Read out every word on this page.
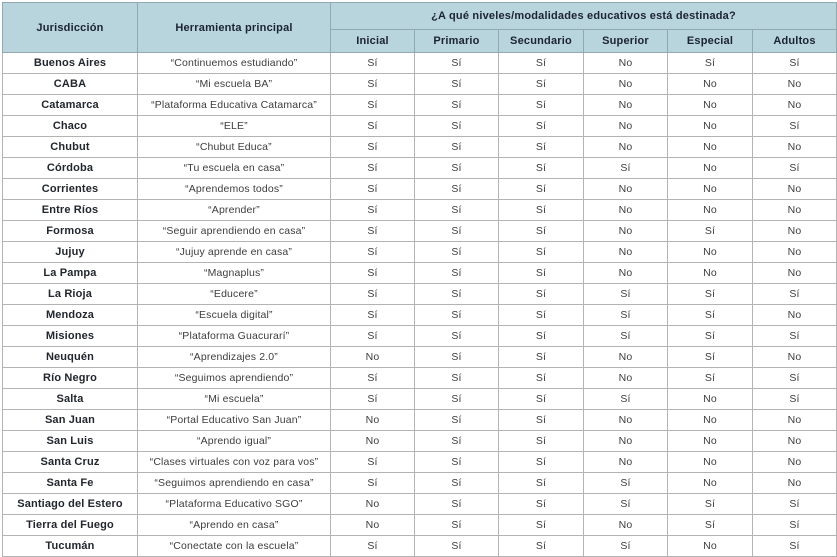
Jurisdicción	Herramienta principal	¿A qué niveles/modalidades educativos está destinada?					
		Inicial	Primario	Secundario	Superior	Especial	Adultos
Buenos Aires	“Continuemos estudiando”	Sí	Sí	Sí	No	Sí	Sí
CABA	“Mi escuela BA”	Sí	Sí	Sí	No	No	No
Catamarca	“Plataforma Educativa Catamarca”	Sí	Sí	Sí	No	No	No
Chaco	“ELE”	Sí	Sí	Sí	No	No	Sí
Chubut	“Chubut Educa”	Sí	Sí	Sí	No	No	No
Córdoba	“Tu escuela en casa”	Sí	Sí	Sí	Sí	No	Sí
Corrientes	“Aprendemos todos”	Sí	Sí	Sí	No	No	No
Entre Ríos	“Aprender”	Sí	Sí	Sí	No	No	No
Formosa	“Seguir aprendiendo en casa”	Sí	Sí	Sí	No	Sí	No
Jujuy	“Jujuy aprende en casa”	Sí	Sí	Sí	No	No	No
La Pampa	“Magnaplus”	Sí	Sí	Sí	No	No	No
La Rioja	“Educere”	Sí	Sí	Sí	Sí	Sí	Sí
Mendoza	“Escuela digital”	Sí	Sí	Sí	Sí	Sí	No
Misiones	“Plataforma Guacurarí”	Sí	Sí	Sí	Sí	Sí	Sí
Neuquén	“Aprendizajes 2.0”	No	Sí	Sí	No	Sí	No
Río Negro	“Seguimos aprendiendo”	Sí	Sí	Sí	No	Sí	Sí
Salta	“Mi escuela”	Sí	Sí	Sí	Sí	No	Sí
San Juan	“Portal Educativo San Juan”	No	Sí	Sí	No	No	No
San Luis	“Aprendo igual”	No	Sí	Sí	No	No	No
Santa Cruz	“Clases virtuales con voz para vos”	Sí	Sí	Sí	No	No	No
Santa Fe	“Seguimos aprendiendo en casa”	Sí	Sí	Sí	Sí	No	No
Santiago del Estero	“Plataforma Educativo SGO”	No	Sí	Sí	Sí	Sí	Sí
Tierra del Fuego	“Aprendo en casa”	No	Sí	Sí	No	Sí	Sí
Tucumán	“Conectate con la escuela”	Sí	Sí	Sí	Sí	No	Sí
